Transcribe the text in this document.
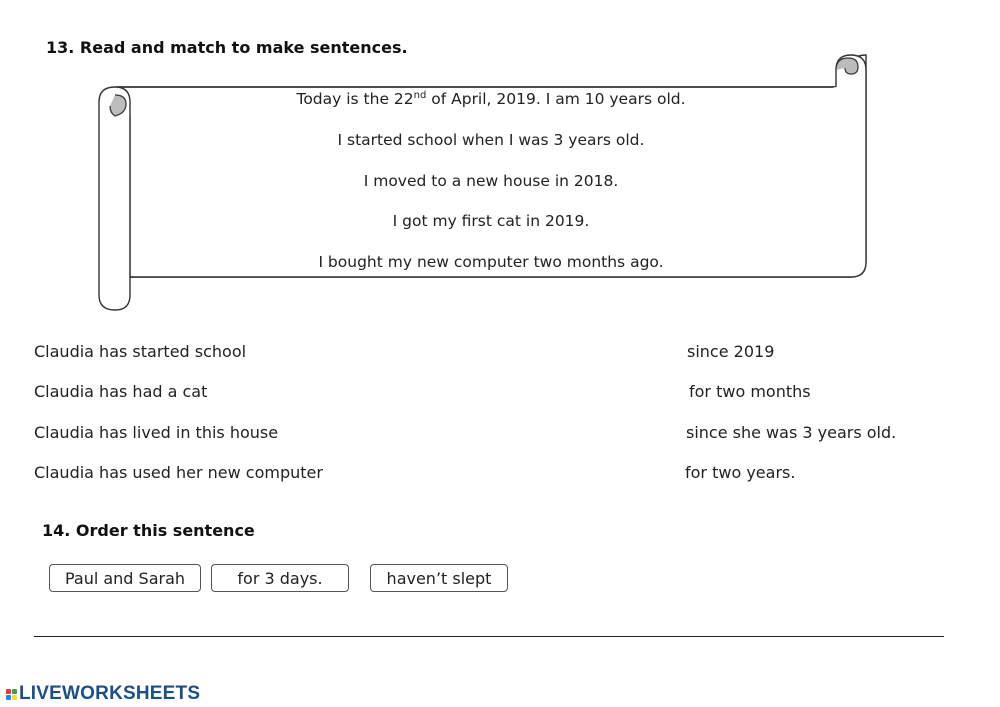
13. Read and match to make sentences.
Today is the 22nd of April, 2019. I am 10 years old.
I started school when I was 3 years old.
I moved to a new house in 2018.
I got my first cat in 2019.
I bought my new computer two months ago.
Claudia has started school
Claudia has had a cat
Claudia has lived in this house
Claudia has used her new computer
since 2019
for two months
since she was 3 years old.
for two years.
14. Order this sentence
Paul and Sarah	for 3 days.	haven’t slept
LIVEWORKSHEETS
